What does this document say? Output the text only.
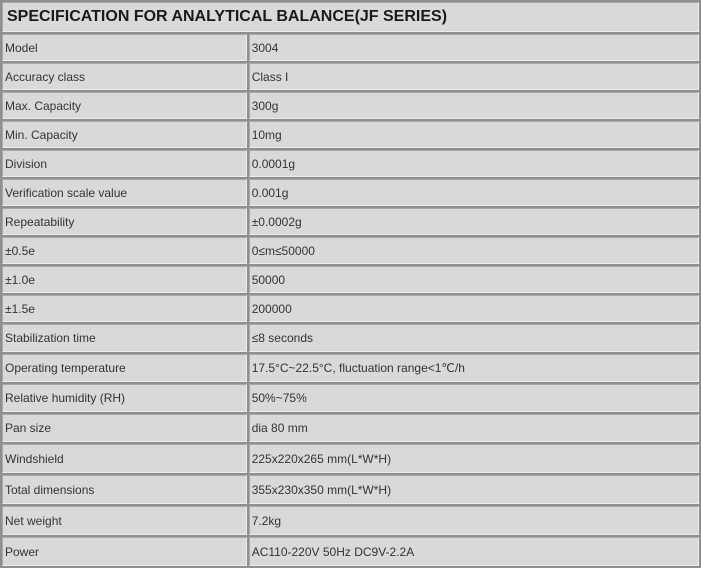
SPECIFICATION FOR ANALYTICAL BALANCE(JF SERIES)	
Model	3004
Accuracy class	Class I
Max. Capacity	300g
Min. Capacity	10mg
Division	0.0001g
Verification scale value	0.001g
Repeatability	±0.0002g
±0.5e	0≤m≤50000
±1.0e	50000
±1.5e	200000
Stabilization time	≤8 seconds
Operating temperature	17.5°C~22.5°C, fluctuation range<1℃/h
Relative humidity (RH)	50%~75%
Pan size	dia 80 mm
Windshield	225x220x265 mm(L*W*H)
Total dimensions	355x230x350 mm(L*W*H)
Net weight	7.2kg
Power	AC110-220V 50Hz DC9V-2.2A
